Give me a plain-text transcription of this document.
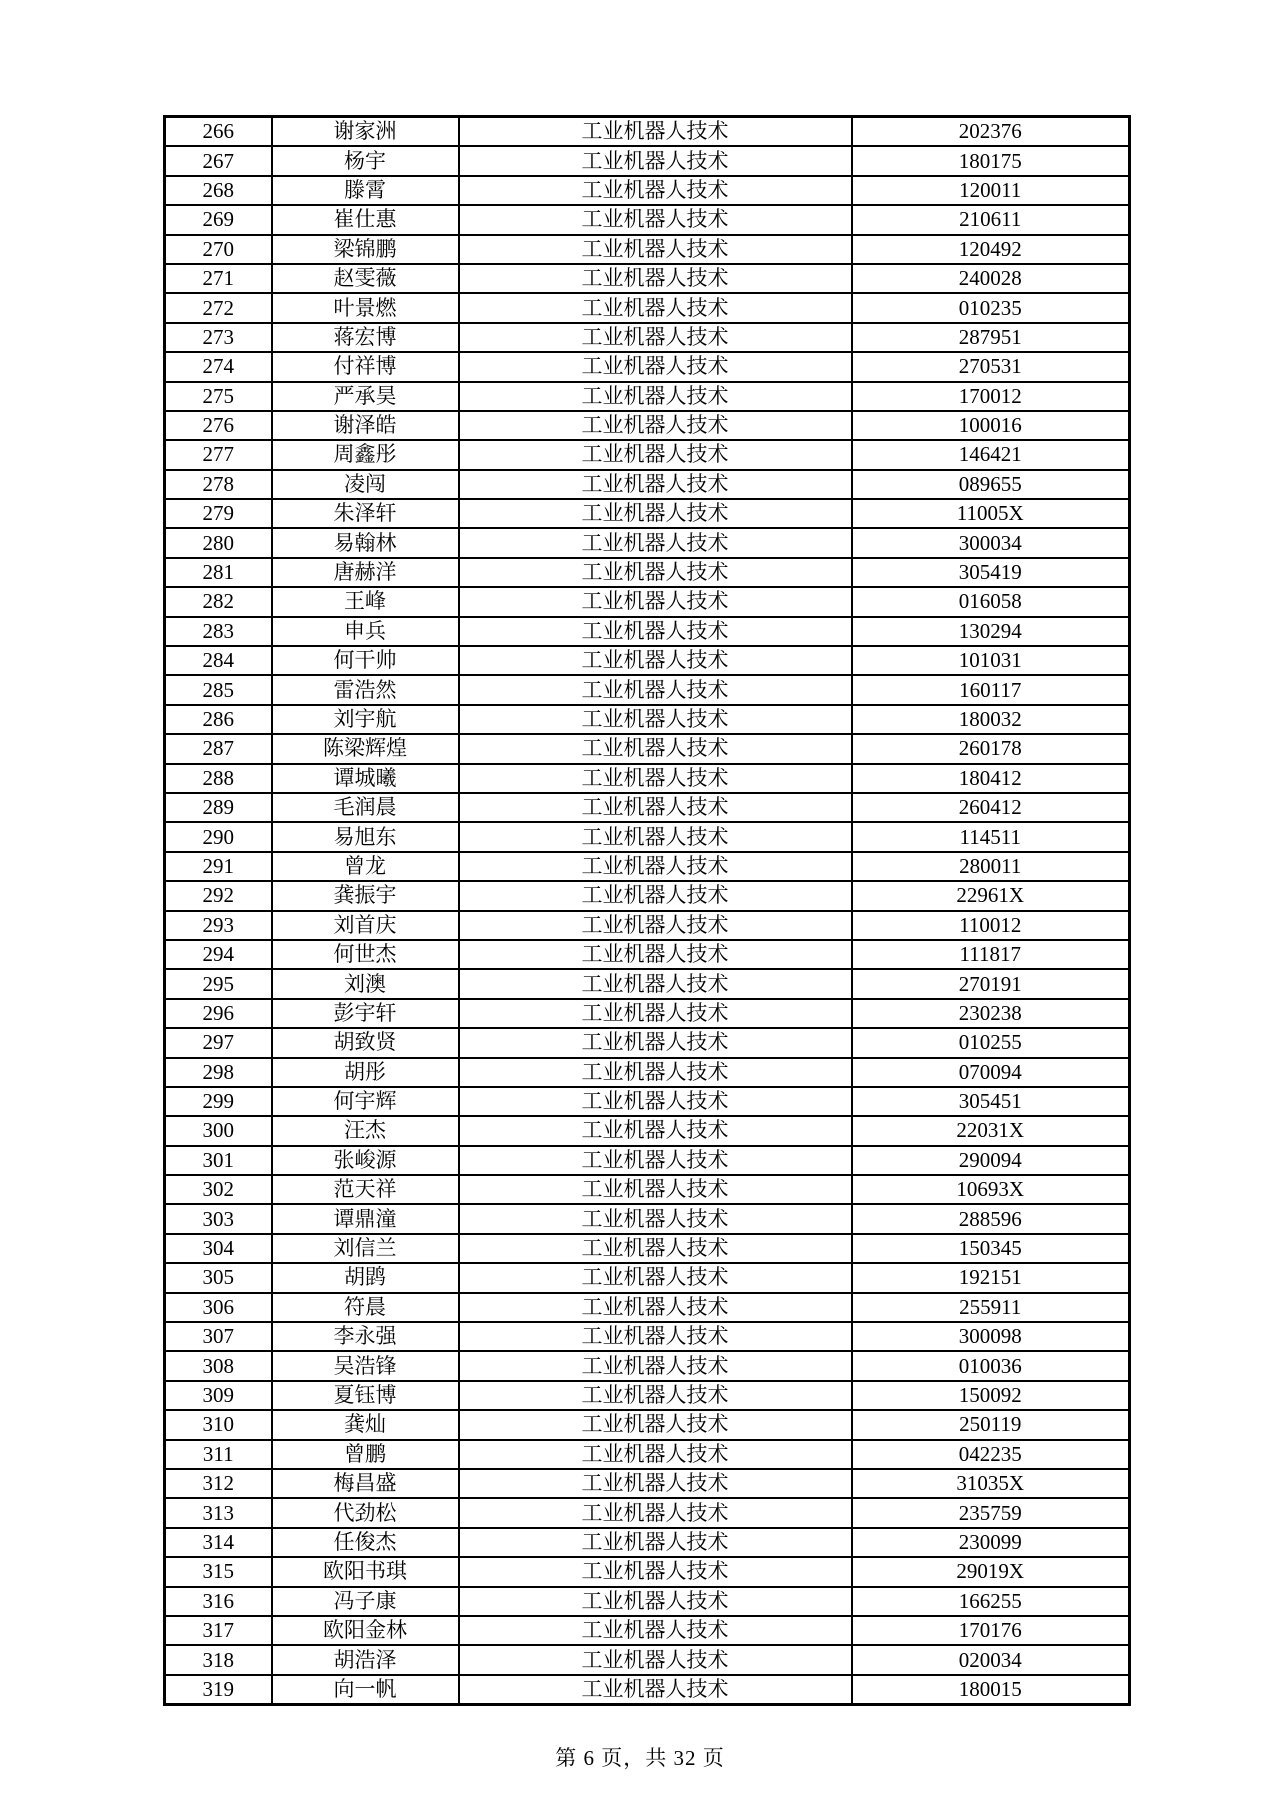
266	谢家洲	工业机器人技术	202376
267	杨宇	工业机器人技术	180175
268	滕霄	工业机器人技术	120011
269	崔仕惠	工业机器人技术	210611
270	梁锦鹏	工业机器人技术	120492
271	赵雯薇	工业机器人技术	240028
272	叶景燃	工业机器人技术	010235
273	蒋宏博	工业机器人技术	287951
274	付祥博	工业机器人技术	270531
275	严承昊	工业机器人技术	170012
276	谢泽皓	工业机器人技术	100016
277	周鑫彤	工业机器人技术	146421
278	凌闯	工业机器人技术	089655
279	朱泽轩	工业机器人技术	11005X
280	易翰林	工业机器人技术	300034
281	唐赫洋	工业机器人技术	305419
282	王峰	工业机器人技术	016058
283	申兵	工业机器人技术	130294
284	何干帅	工业机器人技术	101031
285	雷浩然	工业机器人技术	160117
286	刘宇航	工业机器人技术	180032
287	陈梁辉煌	工业机器人技术	260178
288	谭城曦	工业机器人技术	180412
289	毛润晨	工业机器人技术	260412
290	易旭东	工业机器人技术	114511
291	曾龙	工业机器人技术	280011
292	龚振宇	工业机器人技术	22961X
293	刘首庆	工业机器人技术	110012
294	何世杰	工业机器人技术	111817
295	刘澳	工业机器人技术	270191
296	彭宇轩	工业机器人技术	230238
297	胡致贤	工业机器人技术	010255
298	胡彤	工业机器人技术	070094
299	何宇辉	工业机器人技术	305451
300	汪杰	工业机器人技术	22031X
301	张峻源	工业机器人技术	290094
302	范天祥	工业机器人技术	10693X
303	谭鼎潼	工业机器人技术	288596
304	刘信兰	工业机器人技术	150345
305	胡鹍	工业机器人技术	192151
306	符晨	工业机器人技术	255911
307	李永强	工业机器人技术	300098
308	吴浩锋	工业机器人技术	010036
309	夏钰博	工业机器人技术	150092
310	龚灿	工业机器人技术	250119
311	曾鹏	工业机器人技术	042235
312	梅昌盛	工业机器人技术	31035X
313	代劲松	工业机器人技术	235759
314	任俊杰	工业机器人技术	230099
315	欧阳书琪	工业机器人技术	29019X
316	冯子康	工业机器人技术	166255
317	欧阳金林	工业机器人技术	170176
318	胡浩泽	工业机器人技术	020034
319	向一帆	工业机器人技术	180015
第 6 页，共 32 页
